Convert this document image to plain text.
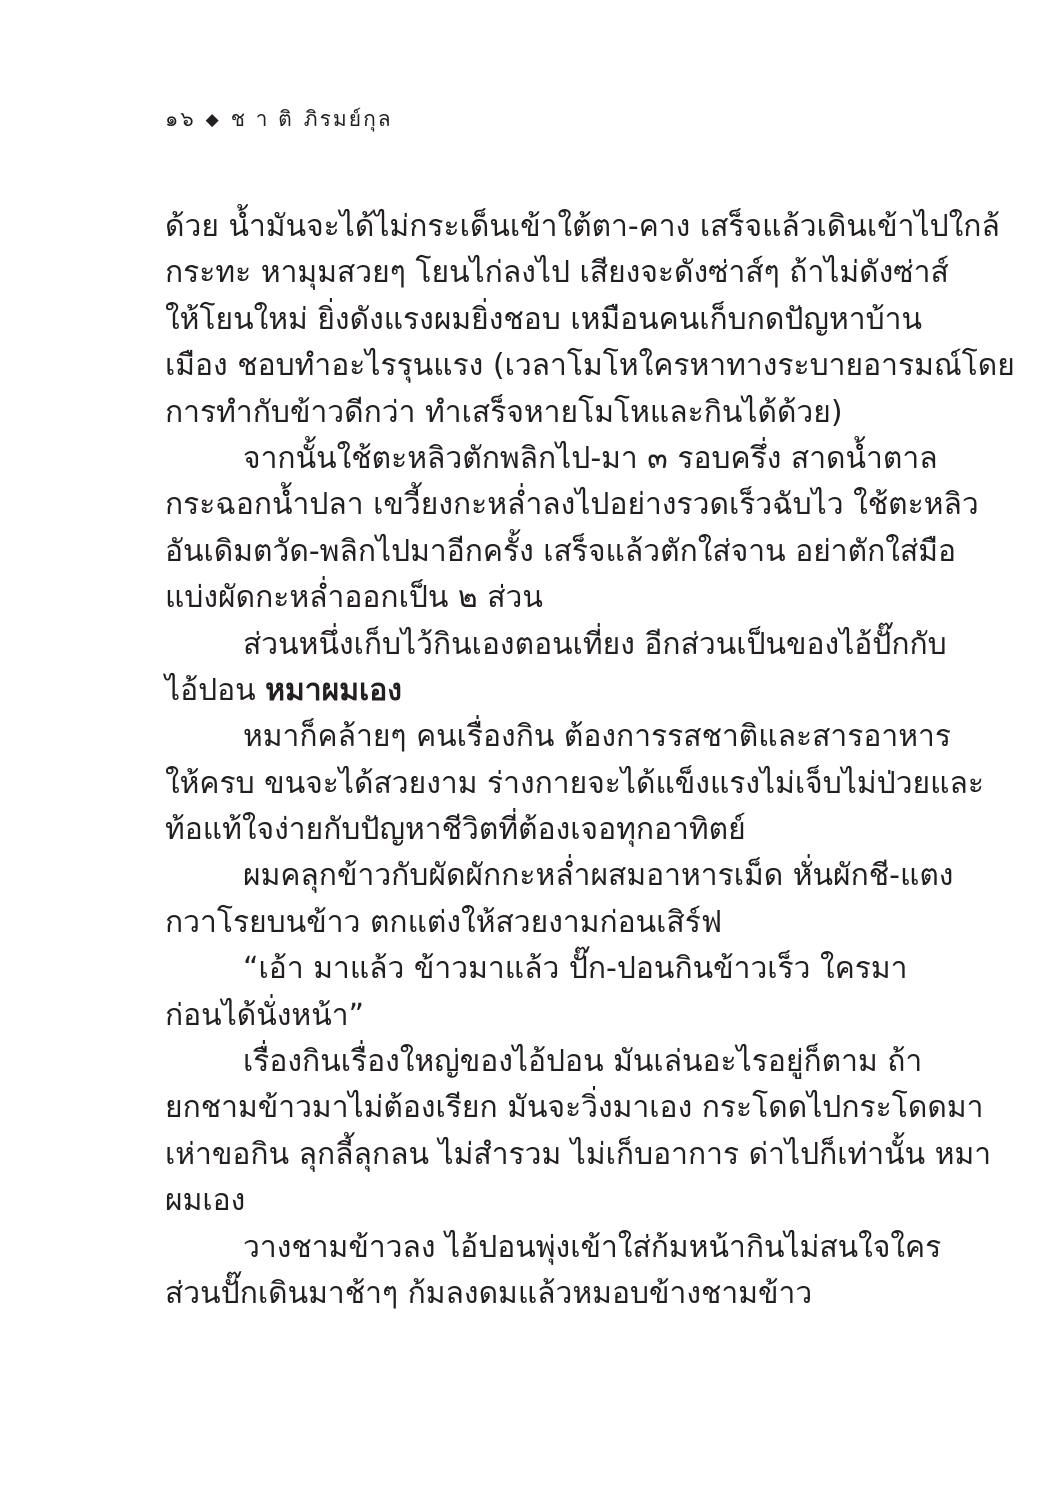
๑๖ ◆ ช า ติ ภิรมย์กุล
ด้วย น้ำมันจะได้ไม่กระเด็นเข้าใต้ตา-คาง เสร็จแล้วเดินเข้าไปใกล้
กระทะ หามุมสวยๆ โยนไก่ลงไป เสียงจะดังซ่าส์ๆ ถ้าไม่ดังซ่าส์
ให้โยนใหม่ ยิ่งดังแรงผมยิ่งชอบ เหมือนคนเก็บกดปัญหาบ้าน
เมือง ชอบทำอะไรรุนแรง (เวลาโมโหใครหาทางระบายอารมณ์โดย
การทำกับข้าวดีกว่า ทำเสร็จหายโมโหและกินได้ด้วย)
จากนั้นใช้ตะหลิวตักพลิกไป-มา ๓ รอบครึ่ง สาดน้ำตาล
กระฉอกน้ำปลา เขวี้ยงกะหล่ำลงไปอย่างรวดเร็วฉับไว ใช้ตะหลิว
อันเดิมตวัด-พลิกไปมาอีกครั้ง เสร็จแล้วตักใส่จาน อย่าตักใส่มือ
แบ่งผัดกะหล่ำออกเป็น ๒ ส่วน
ส่วนหนึ่งเก็บไว้กินเองตอนเที่ยง อีกส่วนเป็นของไอ้ปั๊กกับ
ไอ้ปอน หมาผมเอง
หมาก็คล้ายๆ คนเรื่องกิน ต้องการรสชาติและสารอาหาร
ให้ครบ ขนจะได้สวยงาม ร่างกายจะได้แข็งแรงไม่เจ็บไม่ป่วยและ
ท้อแท้ใจง่ายกับปัญหาชีวิตที่ต้องเจอทุกอาทิตย์
ผมคลุกข้าวกับผัดผักกะหล่ำผสมอาหารเม็ด หั่นผักชี-แตง
กวาโรยบนข้าว ตกแต่งให้สวยงามก่อนเสิร์ฟ
“เอ้า มาแล้ว ข้าวมาแล้ว ปั๊ก-ปอนกินข้าวเร็ว ใครมา
ก่อนได้นั่งหน้า”
เรื่องกินเรื่องใหญ่ของไอ้ปอน มันเล่นอะไรอยู่ก็ตาม ถ้า
ยกชามข้าวมาไม่ต้องเรียก มันจะวิ่งมาเอง กระโดดไปกระโดดมา
เห่าขอกิน ลุกลี้ลุกลน ไม่สำรวม ไม่เก็บอาการ ด่าไปก็เท่านั้น หมา
ผมเอง
วางชามข้าวลง ไอ้ปอนพุ่งเข้าใส่ก้มหน้ากินไม่สนใจใคร
ส่วนปั๊กเดินมาช้าๆ ก้มลงดมแล้วหมอบข้างชามข้าว
